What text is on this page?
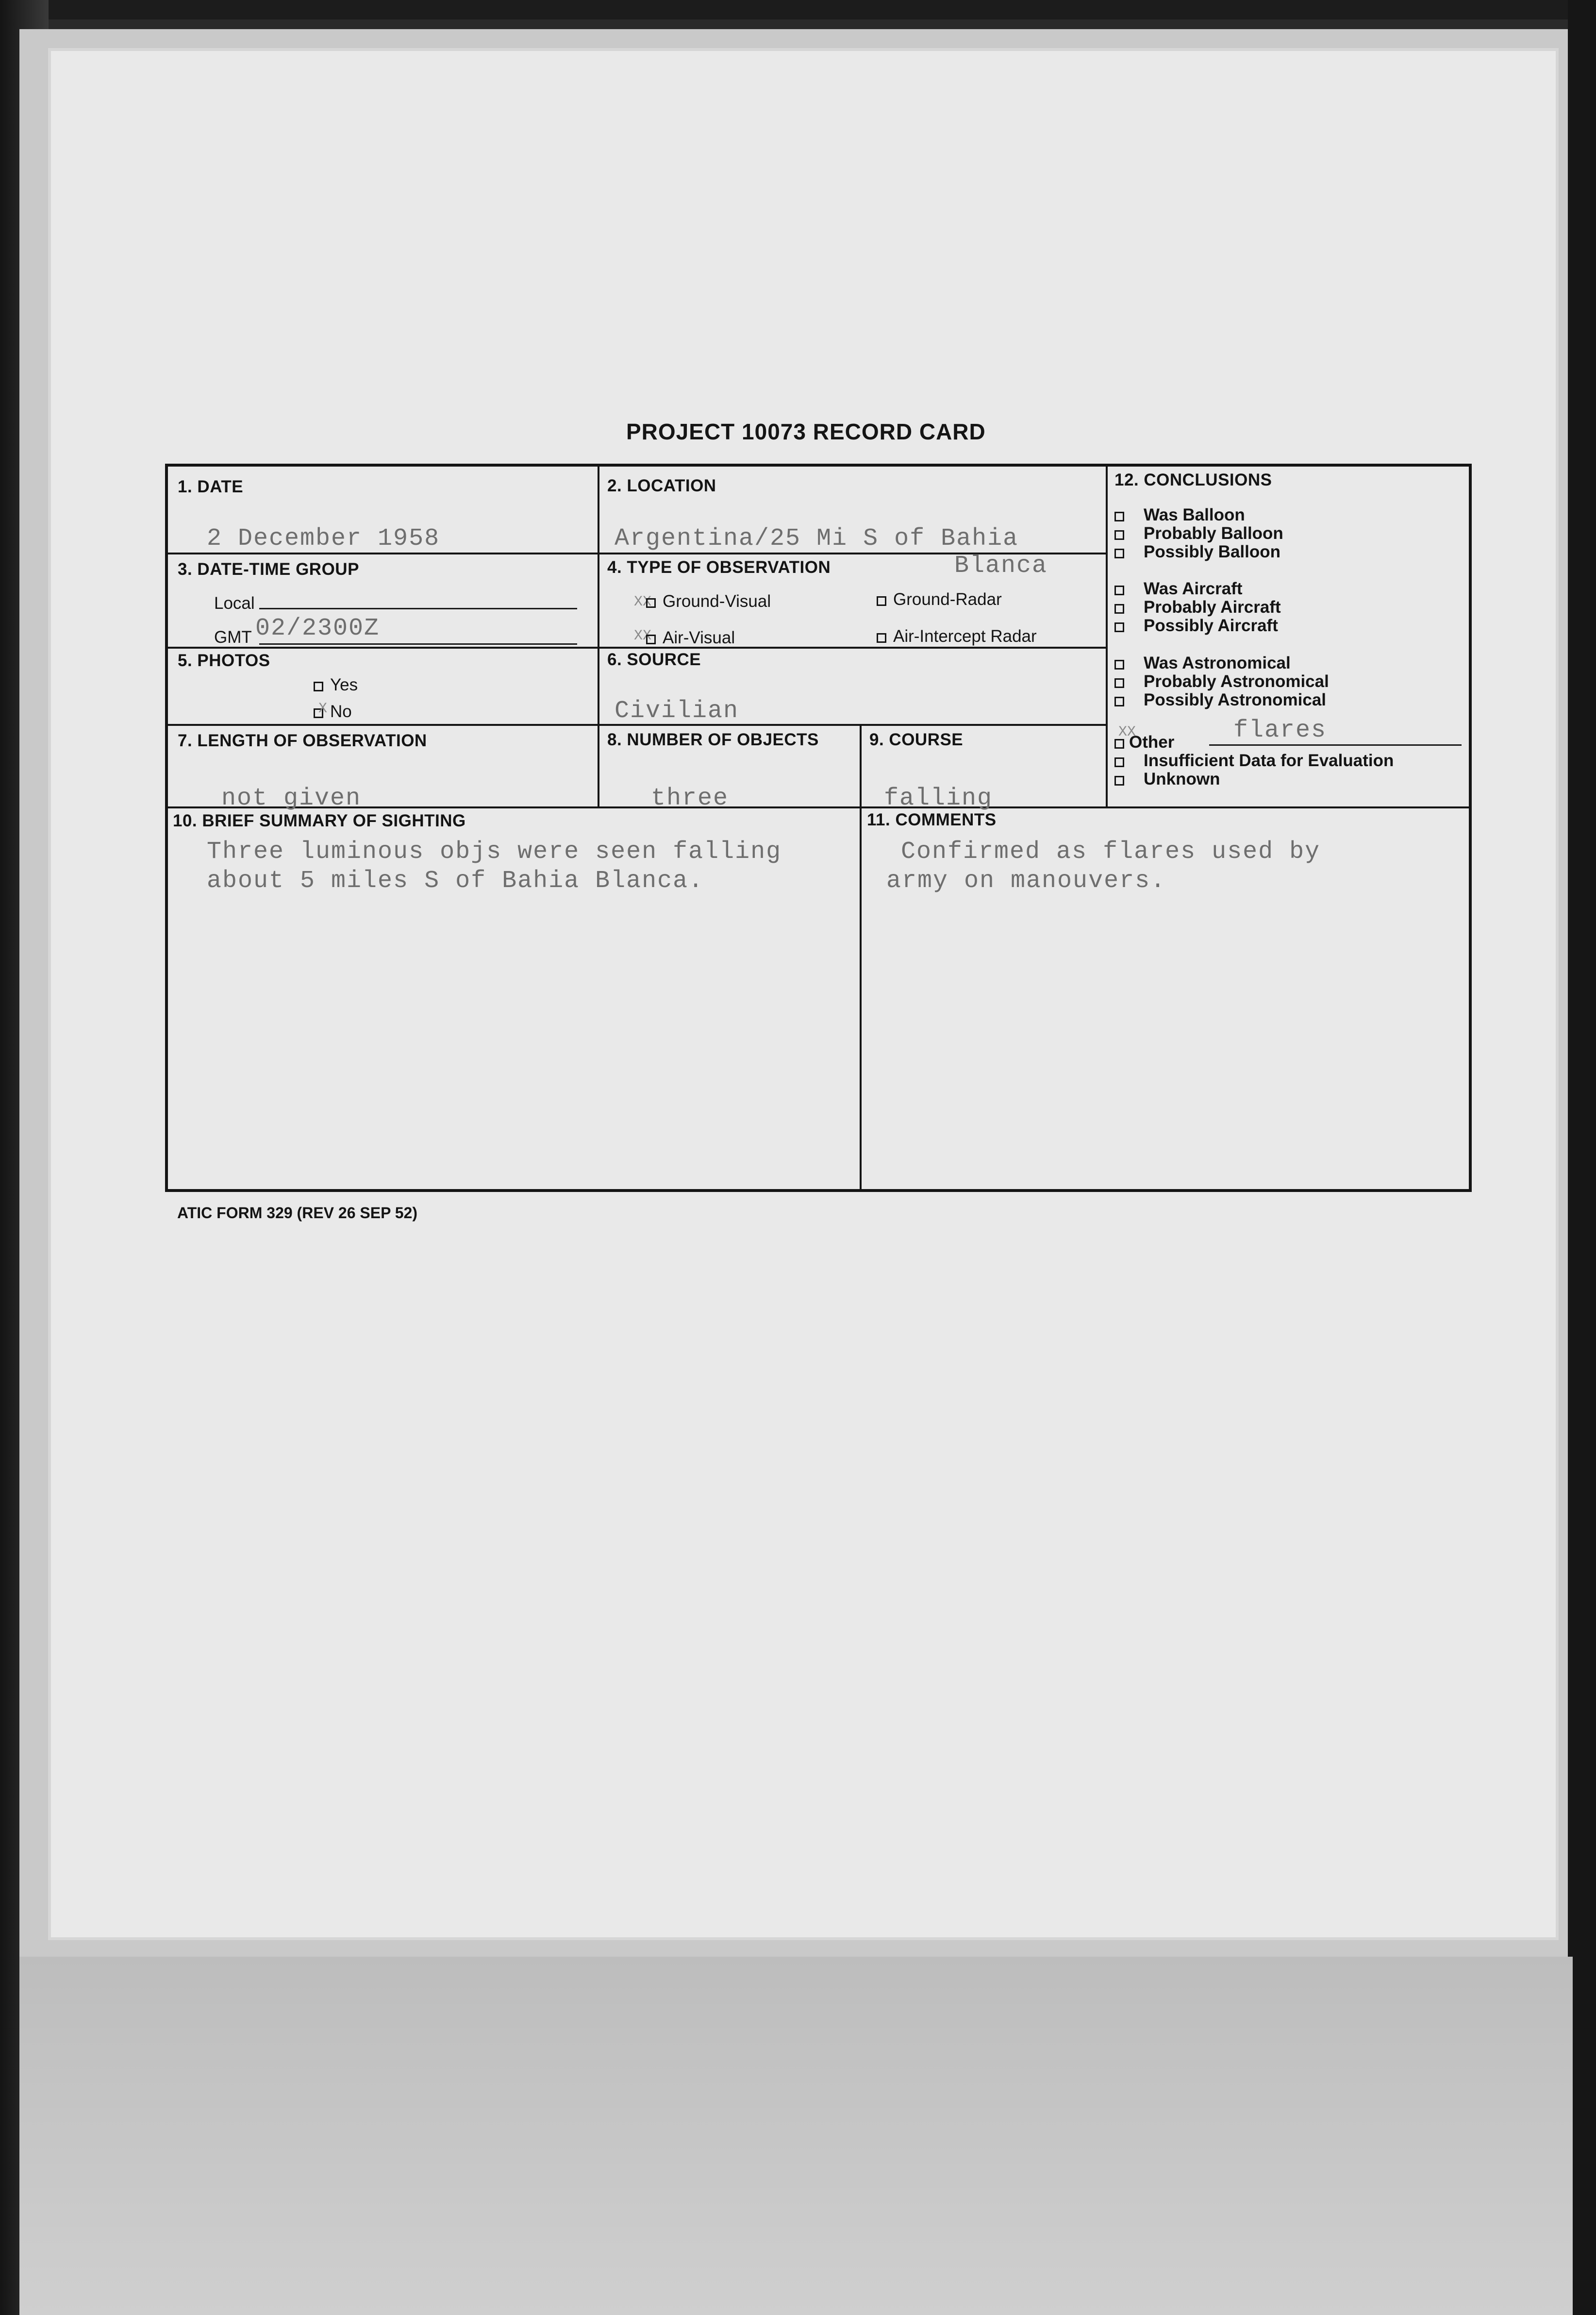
PROJECT 10073 RECORD CARD
1. DATE
2 December 1958
2. LOCATION
Argentina/25 Mi S of Bahia
Blanca
3. DATE-TIME GROUP
Local
GMT 02/2300Z
4. TYPE OF OBSERVATION
XX Ground-Visual	Ground-Radar
XX Air-Visual	Air-Intercept Radar
5. PHOTOS
Yes
No
X
6. SOURCE
Civilian
7. LENGTH OF OBSERVATION
not given
8. NUMBER OF OBJECTS
three
9. COURSE
falling
12. CONCLUSIONS
Was Balloon
Probably Balloon
Possibly Balloon
Was Aircraft
Probably Aircraft
Possibly Aircraft
Was Astronomical
Probably Astronomical
Possibly Astronomical
XX
Other flares
Insufficient Data for Evaluation
Unknown
10. BRIEF SUMMARY OF SIGHTING
Three luminous objs were seen falling
about 5 miles S of Bahia Blanca.
11. COMMENTS
Confirmed as flares used by
army on manouvers.
ATIC FORM 329 (REV 26 SEP 52)
